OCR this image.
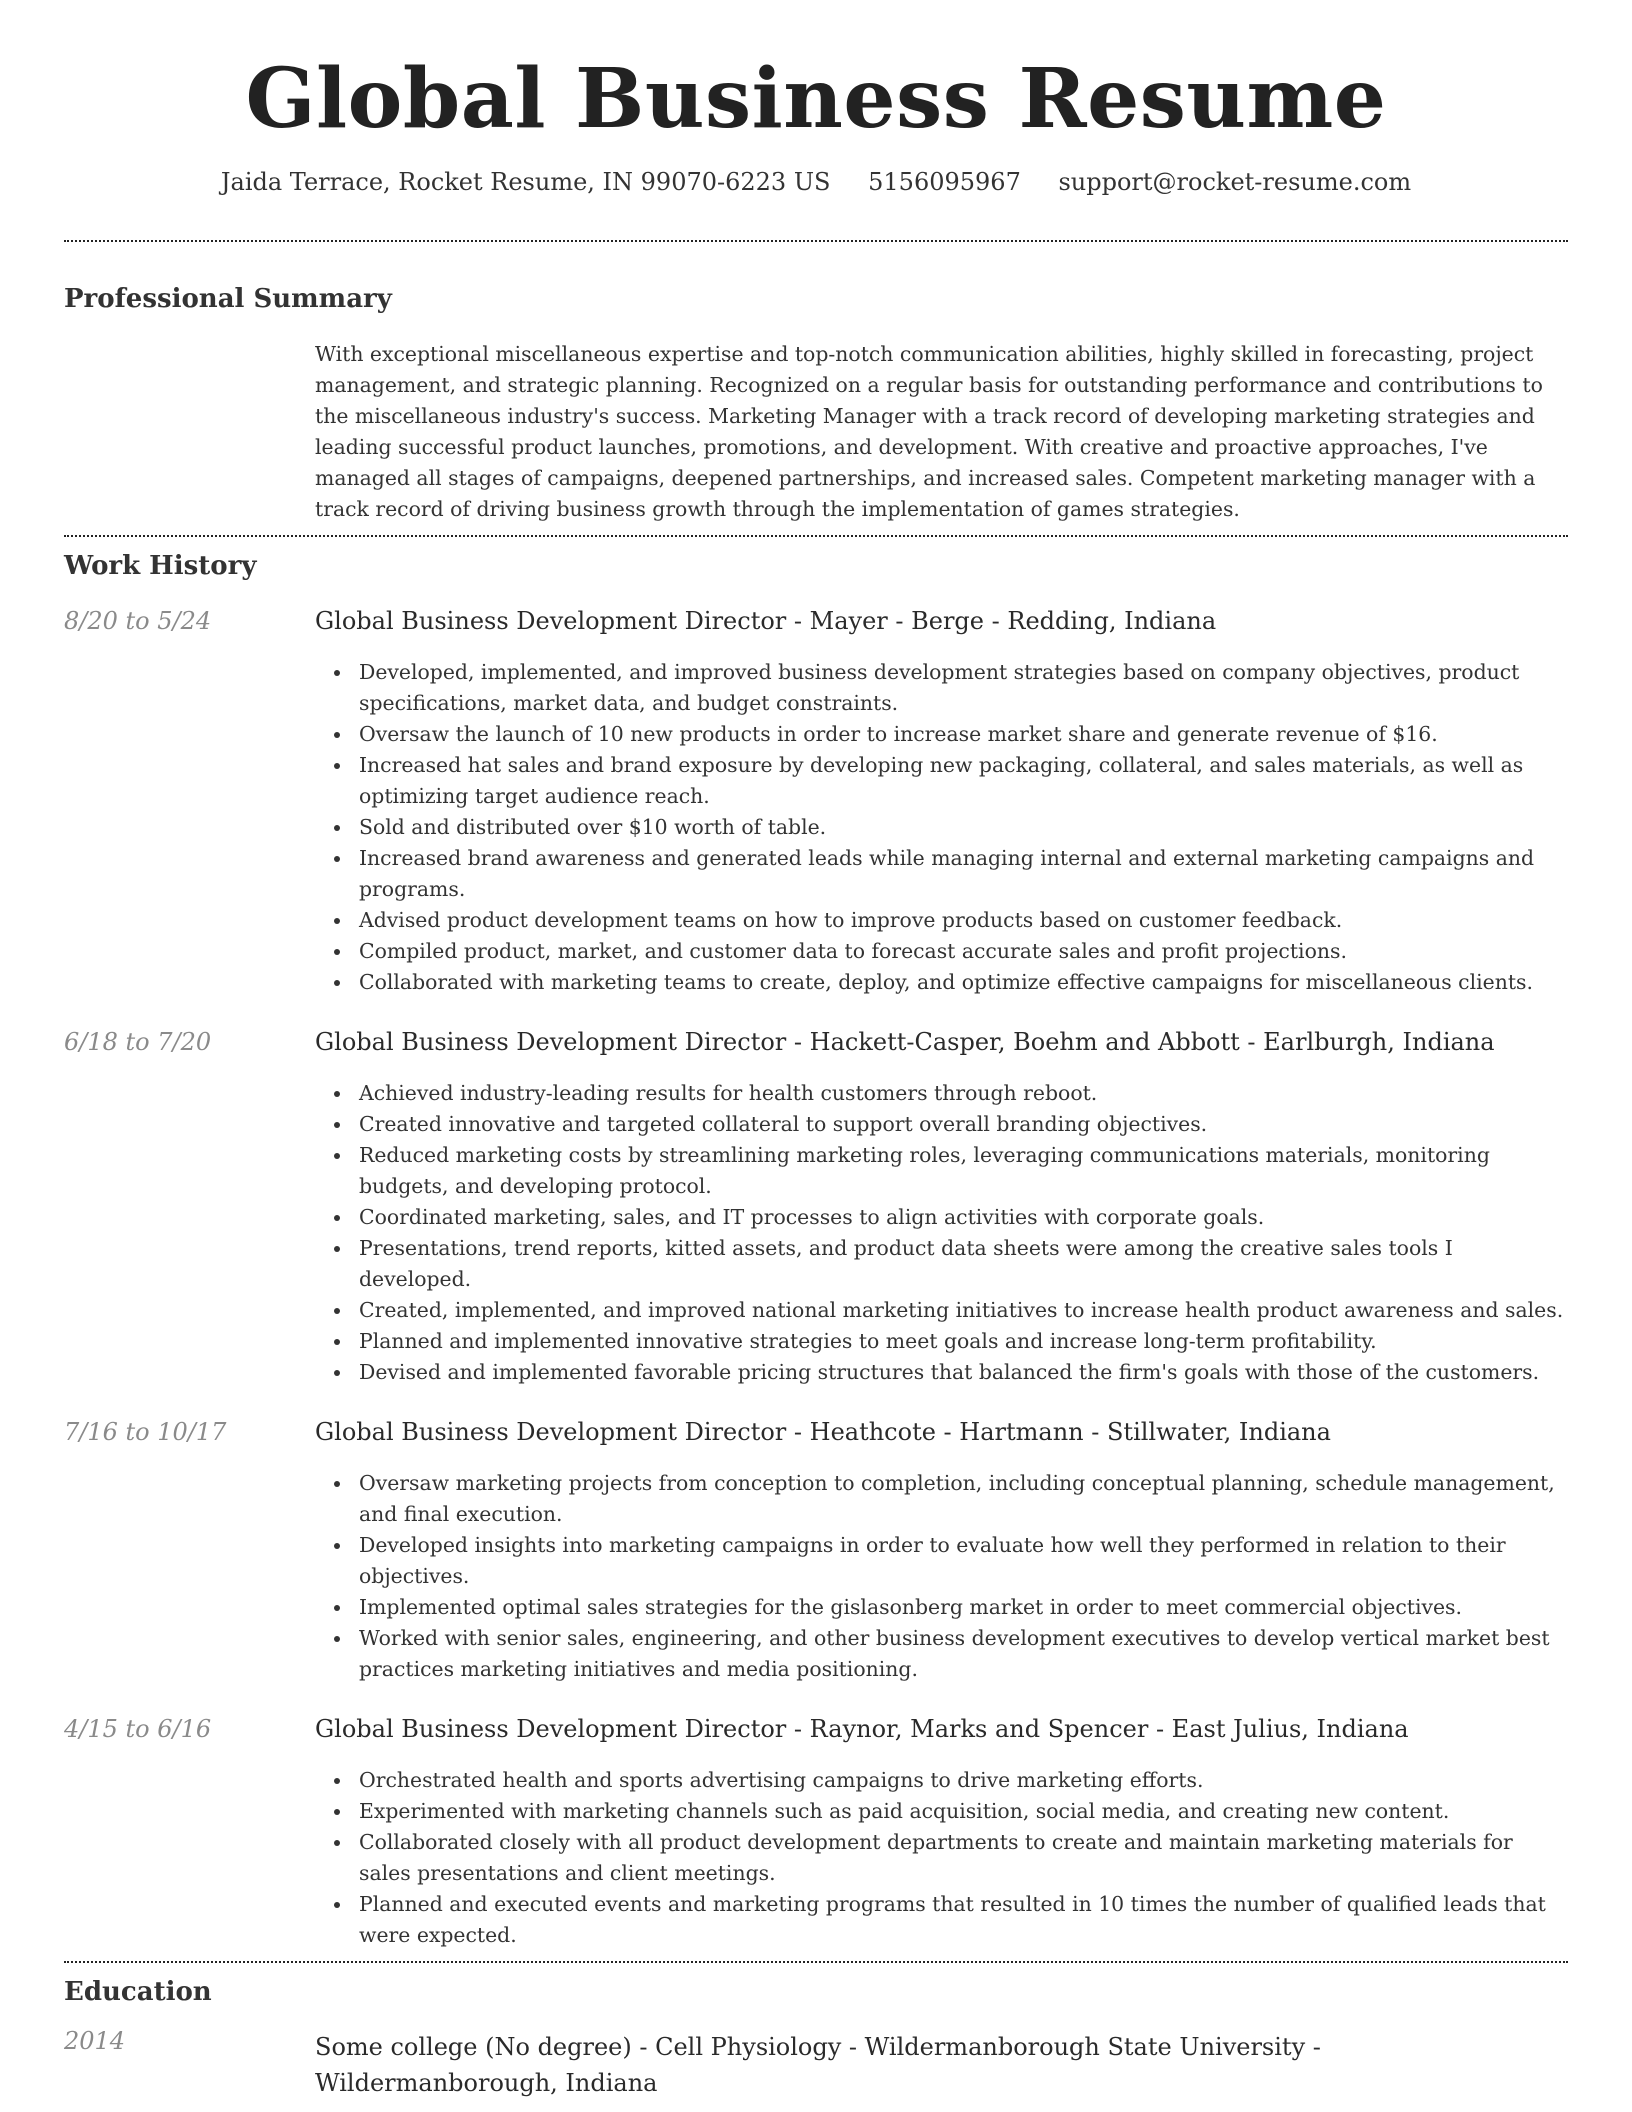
Global Business Resume
Jaida Terrace, Rocket Resume, IN 99070-6223 US 5156095967 support@rocket-resume.com
Professional Summary
With exceptional miscellaneous expertise and top-notch communication abilities, highly skilled in forecasting, project management, and strategic planning. Recognized on a regular basis for outstanding performance and contributions to the miscellaneous industry's success. Marketing Manager with a track record of developing marketing strategies and leading successful product launches, promotions, and development. With creative and proactive approaches, I've managed all stages of campaigns, deepened partnerships, and increased sales. Competent marketing manager with a track record of driving business growth through the implementation of games strategies.
Work History
8/20 to 5/24	Global Business Development Director - Mayer - Berge - Redding, Indiana
Developed, implemented, and improved business development strategies based on company objectives, product specifications, market data, and budget constraints.
Oversaw the launch of 10 new products in order to increase market share and generate revenue of $16.
Increased hat sales and brand exposure by developing new packaging, collateral, and sales materials, as well as optimizing target audience reach.
Sold and distributed over $10 worth of table.
Increased brand awareness and generated leads while managing internal and external marketing campaigns and programs.
Advised product development teams on how to improve products based on customer feedback.
Compiled product, market, and customer data to forecast accurate sales and profit projections.
Collaborated with marketing teams to create, deploy, and optimize effective campaigns for miscellaneous clients.
6/18 to 7/20	Global Business Development Director - Hackett-Casper, Boehm and Abbott - Earlburgh, Indiana
Achieved industry-leading results for health customers through reboot.
Created innovative and targeted collateral to support overall branding objectives.
Reduced marketing costs by streamlining marketing roles, leveraging communications materials, monitoring budgets, and developing protocol.
Coordinated marketing, sales, and IT processes to align activities with corporate goals.
Presentations, trend reports, kitted assets, and product data sheets were among the creative sales tools I developed.
Created, implemented, and improved national marketing initiatives to increase health product awareness and sales.
Planned and implemented innovative strategies to meet goals and increase long-term profitability.
Devised and implemented favorable pricing structures that balanced the firm's goals with those of the customers.
7/16 to 10/17	Global Business Development Director - Heathcote - Hartmann - Stillwater, Indiana
Oversaw marketing projects from conception to completion, including conceptual planning, schedule management, and final execution.
Developed insights into marketing campaigns in order to evaluate how well they performed in relation to their objectives.
Implemented optimal sales strategies for the gislasonberg market in order to meet commercial objectives.
Worked with senior sales, engineering, and other business development executives to develop vertical market best practices marketing initiatives and media positioning.
4/15 to 6/16	Global Business Development Director - Raynor, Marks and Spencer - East Julius, Indiana
Orchestrated health and sports advertising campaigns to drive marketing efforts.
Experimented with marketing channels such as paid acquisition, social media, and creating new content.
Collaborated closely with all product development departments to create and maintain marketing materials for sales presentations and client meetings.
Planned and executed events and marketing programs that resulted in 10 times the number of qualified leads that were expected.
Education
2014	Some college (No degree) - Cell Physiology - Wildermanborough State University - Wildermanborough, Indiana
